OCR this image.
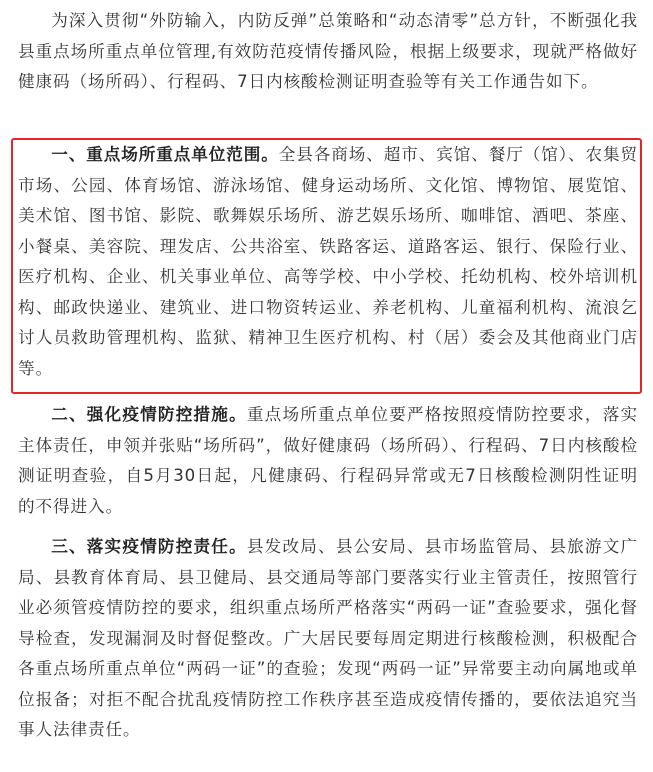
为深入贯彻“外防输入，内防反弹”总策略和“动态清零”总方针，不断强化我县重点场所重点单位管理,有效防范疫情传播风险，根据上级要求，现就严格做好健康码（场所码）、行程码、7日内核酸检测证明查验等有关工作通告如下。

一、重点场所重点单位范围。全县各商场、超市、宾馆、餐厅（馆）、农集贸市场、公园、体育场馆、游泳场馆、健身运动场所、文化馆、博物馆、展览馆、美术馆、图书馆、影院、歌舞娱乐场所、游艺娱乐场所、咖啡馆、酒吧、茶座、小餐桌、美容院、理发店、公共浴室、铁路客运、道路客运、银行、保险行业、医疗机构、企业、机关事业单位、高等学校、中小学校、托幼机构、校外培训机构、邮政快递业、建筑业、进口物资转运业、养老机构、儿童福利机构、流浪乞讨人员救助管理机构、监狱、精神卫生医疗机构、村（居）委会及其他商业门店等。

二、强化疫情防控措施。重点场所重点单位要严格按照疫情防控要求，落实主体责任，申领并张贴“场所码”，做好健康码（场所码）、行程码、7日内核酸检测证明查验，自5月30日起，凡健康码、行程码异常或无7日核酸检测阴性证明的不得进入。

三、落实疫情防控责任。县发改局、县公安局、县市场监管局、县旅游文广局、县教育体育局、县卫健局、县交通局等部门要落实行业主管责任，按照管行业必须管疫情防控的要求，组织重点场所严格落实“两码一证”查验要求，强化督导检查，发现漏洞及时督促整改。广大居民要每周定期进行核酸检测，积极配合各重点场所重点单位“两码一证”的查验；发现“两码一证”异常要主动向属地或单位报备；对拒不配合扰乱疫情防控工作秩序甚至造成疫情传播的，要依法追究当事人法律责任。
